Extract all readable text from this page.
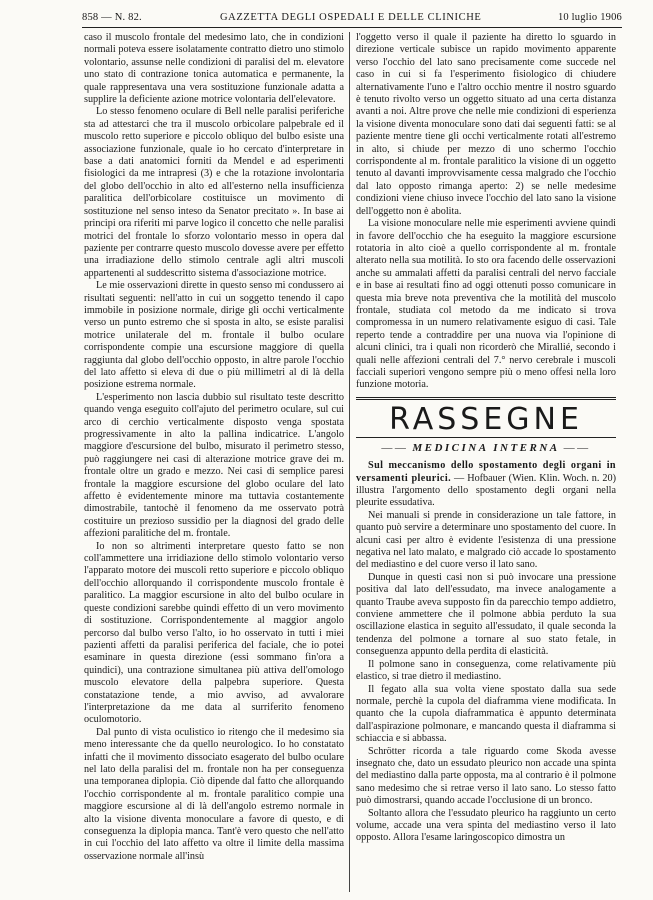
858 — N. 82.	GAZZETTA DEGLI OSPEDALI E DELLE CLINICHE	10 luglio 1906

caso il muscolo frontale del medesimo lato, che in condizioni normali poteva essere isolatamente contratto dietro uno stimolo volontario, assunse nelle condizioni di paralisi del m. elevatore uno stato di contrazione tonica automatica e permanente, la quale rappresentava una vera sostituzione funzionale adatta a supplire la deficiente azione motrice volontaria dell'elevatore.

Lo stesso fenomeno oculare di Bell nelle paralisi periferiche sta ad attestarci che tra il muscolo orbicolare palpebrale ed il muscolo retto superiore e piccolo obliquo del bulbo esiste una associazione funzionale, quale io ho cercato d'interpretare in base a dati anatomici forniti da Mendel e ad esperimenti fisiologici da me intrapresi (3) e che la rotazione involontaria del globo dell'occhio in alto ed all'esterno nella insufficienza paralitica dell'orbicolare costituisce un movimento di sostituzione nel senso inteso da Senator precitato ». In base ai principi ora riferiti mi parve logico il concetto che nelle paralisi motrici del frontale lo sforzo volontario messo in opera dal paziente per contrarre questo muscolo dovesse avere per effetto una irradiazione dello stimolo centrale agli altri muscoli appartenenti al suddescritto sistema d'associazione motrice.

Le mie osservazioni dirette in questo senso mi condussero ai risultati seguenti: nell'atto in cui un soggetto tenendo il capo immobile in posizione normale, dirige gli occhi verticalmente verso un punto estremo che si sposta in alto, se esiste paralisi motrice unilaterale del m. frontale il bulbo oculare corrispondente compie una escursione maggiore di quella raggiunta dal globo dell'occhio opposto, in altre parole l'occhio del lato affetto si eleva di due o più millimetri al di là della posizione estrema normale.

L'esperimento non lascia dubbio sul risultato teste descritto quando venga eseguito coll'ajuto del perimetro oculare, sul cui arco di cerchio verticalmente disposto venga spostata progressivamente in alto la pallina indicatrice. L'angolo maggiore d'escursione del bulbo, misurato il perimetro stesso, può raggiungere nei casi di alterazione motrice grave dei m. frontale oltre un grado e mezzo. Nei casi di semplice paresi frontale la maggiore escursione del globo oculare del lato affetto è evidentemente minore ma tuttavia costantemente dimostrabile, tantochè il fenomeno da me osservato potrà costituire un prezioso sussidio per la diagnosi del grado delle affezioni paralitiche del m. frontale.

Io non so altrimenti interpretare questo fatto se non coll'ammettere una irridiazione dello stimolo volontario verso l'apparato motore dei muscoli retto superiore e piccolo obliquo dell'occhio allorquando il corrispondente muscolo frontale è paralitico. La maggior escursione in alto del bulbo oculare in queste condizioni sarebbe quindi effetto di un vero movimento di sostituzione. Corrispondentemente al maggior angolo percorso dal bulbo verso l'alto, io ho osservato in tutti i miei pazienti affetti da paralisi periferica del faciale, che io potei esaminare in questa direzione (essi sommano fin'ora a quindici), una contrazione simultanea più attiva dell'omologo muscolo elevatore della palpebra superiore. Questa constatazione tende, a mio avviso, ad avvalorare l'interpretazione da me data al surriferito fenomeno oculomotorio.

Dal punto di vista oculistico io ritengo che il medesimo sia meno interessante che da quello neurologico. Io ho constatato infatti che il movimento dissociato esagerato del bulbo oculare nel lato della paralisi del m. frontale non ha per conseguenza una temporanea diplopia. Ciò dipende dal fatto che allorquando l'occhio corrispondente al m. frontale paralitico compie una maggiore escursione al di là dell'angolo estremo normale in alto la visione diventa monoculare a favore di questo, e di conseguenza la diplopia manca. Tant'è vero questo che nell'atto in cui l'occhio del lato affetto va oltre il limite della massima osservazione normale all'insù

l'oggetto verso il quale il paziente ha diretto lo sguardo in direzione verticale subisce un rapido movimento apparente verso l'occhio del lato sano precisamente come succede nel caso in cui si fa l'esperimento fisiologico di chiudere alternativamente l'uno e l'altro occhio mentre il nostro sguardo è tenuto rivolto verso un oggetto situato ad una certa distanza avanti a noi. Altre prove che nelle mie condizioni di esperienza la visione diventa monoculare sono dati dai seguenti fatti: se al paziente mentre tiene gli occhi verticalmente rotati all'estremo in alto, si chiude per mezzo di uno schermo l'occhio corrispondente al m. frontale paralitico la visione di un oggetto tenuto al davanti improvvisamente cessa malgrado che l'occhio dal lato opposto rimanga aperto: 2) se nelle medesime condizioni viene chiuso invece l'occhio del lato sano la visione dell'oggetto non è abolita.

La visione monoculare nelle mie esperimenti avviene quindi in favore dell'occhio che ha eseguito la maggiore escursione rotatoria in alto cioè a quello corrispondente al m. frontale alterato nella sua motilità. Io sto ora facendo delle osservazioni anche su ammalati affetti da paralisi centrali del nervo facciale e in base ai resultati fino ad oggi ottenuti posso comunicare in questa mia breve nota preventiva che la motilità del muscolo frontale, studiata col metodo da me indicato si trova compromessa in un numero relativamente esiguo di casi. Tale reperto tende a contraddire per una nuova via l'opinione di alcuni clinici, tra i quali non ricorderò che Mirallié, secondo i quali nelle affezioni centrali del 7.° nervo cerebrale i muscoli facciali superiori vengono sempre più o meno offesi nella loro funzione motoria.

RASSEGNE
—— MEDICINA INTERNA ——

Sul meccanismo dello spostamento degli organi in versamenti pleurici. — Hofbauer (Wien. Klin. Woch. n. 20) illustra l'argomento dello spostamento degli organi nella pleurite essudativa.

Nei manuali si prende in considerazione un tale fattore, in quanto può servire a determinare uno spostamento del cuore. In alcuni casi per altro è evidente l'esistenza di una pressione negativa nel lato malato, e malgrado ciò accade lo spostamento del mediastino e del cuore verso il lato sano.

Dunque in questi casi non si può invocare una pressione positiva dal lato dell'essudato, ma invece analogamente a quanto Traube aveva supposto fin da parecchio tempo addietro, conviene ammettere che il polmone abbia perduto la sua oscillazione elastica in seguito all'essudato, il quale seconda la tendenza del polmone a tornare al suo stato fetale, in conseguenza appunto della perdita di elasticità.

Il polmone sano in conseguenza, come relativamente più elastico, si trae dietro il mediastino.

Il fegato alla sua volta viene spostato dalla sua sede normale, perchè la cupola del diaframma viene modificata. In quanto che la cupola diaframmatica è appunto determinata dall'aspirazione polmonare, e mancando questa il diaframma si schiaccia e si abbassa.

Schrötter ricorda a tale riguardo come Skoda avesse insegnato che, dato un essudato pleurico non accade una spinta del mediastino dalla parte opposta, ma al contrario è il polmone sano medesimo che si retrae verso il lato sano. Lo stesso fatto può dimostrarsi, quando accade l'occlusione di un bronco.

Soltanto allora che l'essudato pleurico ha raggiunto un certo volume, accade una vera spinta del mediastino verso il lato opposto. Allora l'esame laringoscopico dimostra un
